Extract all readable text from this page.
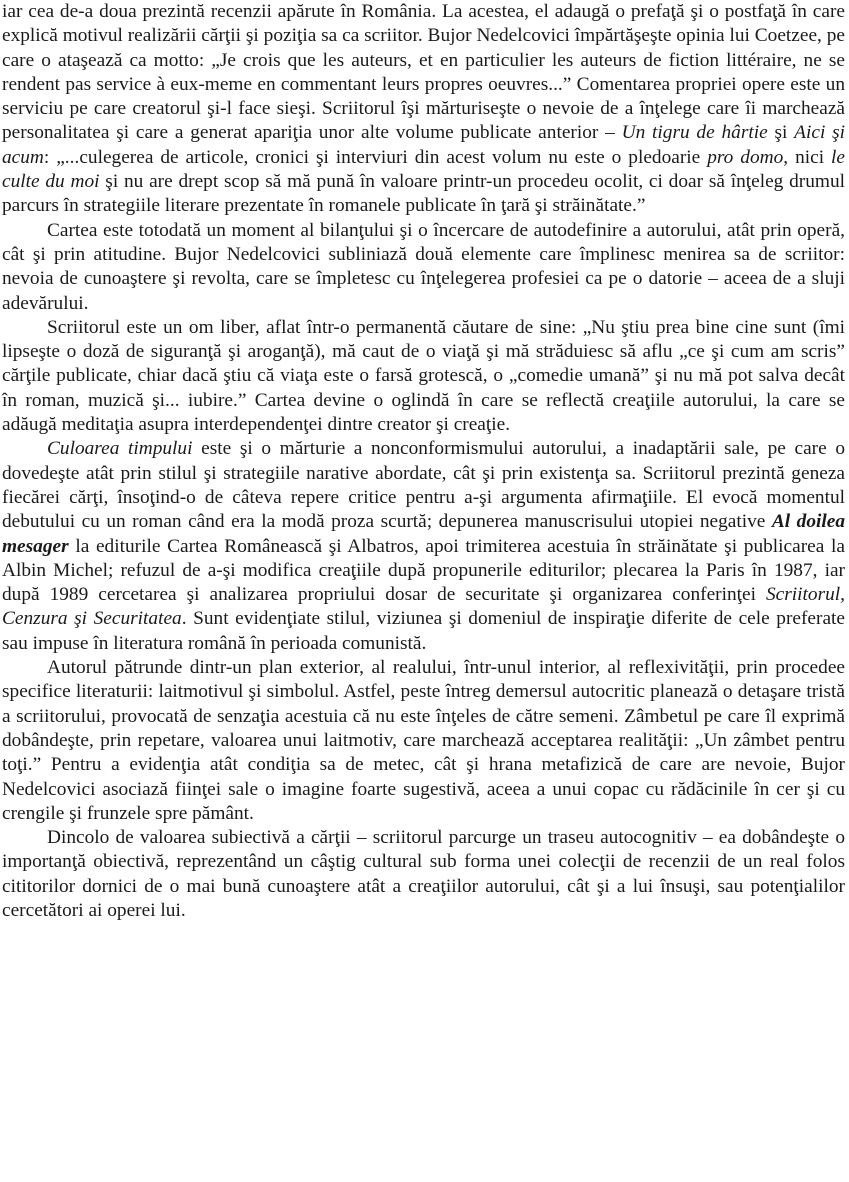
iar cea de-a doua prezintă recenzii apărute în România. La acestea, el adaugă o prefaţă şi o postfaţă în care explică motivul realizării cărţii şi poziţia sa ca scriitor. Bujor Nedelcovici împărtăşeşte opinia lui Coetzee, pe care o ataşează ca motto: „Je crois que les auteurs, et en particulier les auteurs de fiction littéraire, ne se rendent pas service à eux-meme en commentant leurs propres oeuvres...” Comentarea propriei opere este un serviciu pe care creatorul şi-l face sieşi. Scriitorul îşi mărturiseşte o nevoie de a înţelege care îi marchează personalitatea şi care a generat apariţia unor alte volume publicate anterior – Un tigru de hârtie şi Aici şi acum: „...culegerea de articole, cronici şi interviuri din acest volum nu este o pledoarie pro domo, nici le culte du moi şi nu are drept scop să mă pună în valoare printr-un procedeu ocolit, ci doar să înţeleg drumul parcurs în strategiile literare prezentate în romanele publicate în ţară şi străinătate.”

Cartea este totodată un moment al bilanţului şi o încercare de autodefinire a autorului, atât prin operă, cât şi prin atitudine. Bujor Nedelcovici subliniază două elemente care împlinesc menirea sa de scriitor: nevoia de cunoaştere şi revolta, care se împletesc cu înţelegerea profesiei ca pe o datorie – aceea de a sluji adevărului.

Scriitorul este un om liber, aflat într-o permanentă căutare de sine: „Nu ştiu prea bine cine sunt (îmi lipseşte o doză de siguranţă şi aroganţă), mă caut de o viaţă şi mă străduiesc să aflu „ce şi cum am scris” cărţile publicate, chiar dacă ştiu că viaţa este o farsă grotescă, o „comedie umană” şi nu mă pot salva decât în roman, muzică şi... iubire.” Cartea devine o oglindă în care se reflectă creaţiile autorului, la care se adăugă meditaţia asupra interdependenţei dintre creator şi creaţie.

Culoarea timpului este şi o mărturie a nonconformismului autorului, a inadaptării sale, pe care o dovedeşte atât prin stilul şi strategiile narative abordate, cât şi prin existenţa sa. Scriitorul prezintă geneza fiecărei cărţi, însoţind-o de câteva repere critice pentru a-şi argumenta afirmaţiile. El evocă momentul debutului cu un roman când era la modă proza scurtă; depunerea manuscrisului utopiei negative Al doilea mesager la editurile Cartea Românească şi Albatros, apoi trimiterea acestuia în străinătate şi publicarea la Albin Michel; refuzul de a-şi modifica creaţiile după propunerile editurilor; plecarea la Paris în 1987, iar după 1989 cercetarea şi analizarea propriului dosar de securitate şi organizarea conferinţei Scriitorul, Cenzura şi Securitatea. Sunt evidenţiate stilul, viziunea şi domeniul de inspiraţie diferite de cele preferate sau impuse în literatura română în perioada comunistă.

Autorul pătrunde dintr-un plan exterior, al realului, într-unul interior, al reflexivităţii, prin procedee specifice literaturii: laitmotivul şi simbolul. Astfel, peste întreg demersul autocritic planează o detaşare tristă a scriitorului, provocată de senzaţia acestuia că nu este înţeles de către semeni. Zâmbetul pe care îl exprimă dobândeşte, prin repetare, valoarea unui laitmotiv, care marchează acceptarea realităţii: „Un zâmbet pentru toţi.” Pentru a evidenţia atât condiţia sa de metec, cât şi hrana metafizică de care are nevoie, Bujor Nedelcovici asociază fiinţei sale o imagine foarte sugestivă, aceea a unui copac cu rădăcinile în cer şi cu crengile şi frunzele spre pământ.

Dincolo de valoarea subiectivă a cărţii – scriitorul parcurge un traseu autocognitiv – ea dobândeşte o importanţă obiectivă, reprezentând un câştig cultural sub forma unei colecţii de recenzii de un real folos cititorilor dornici de o mai bună cunoaştere atât a creaţiilor autorului, cât şi a lui însuşi, sau potenţialilor cercetători ai operei lui.
